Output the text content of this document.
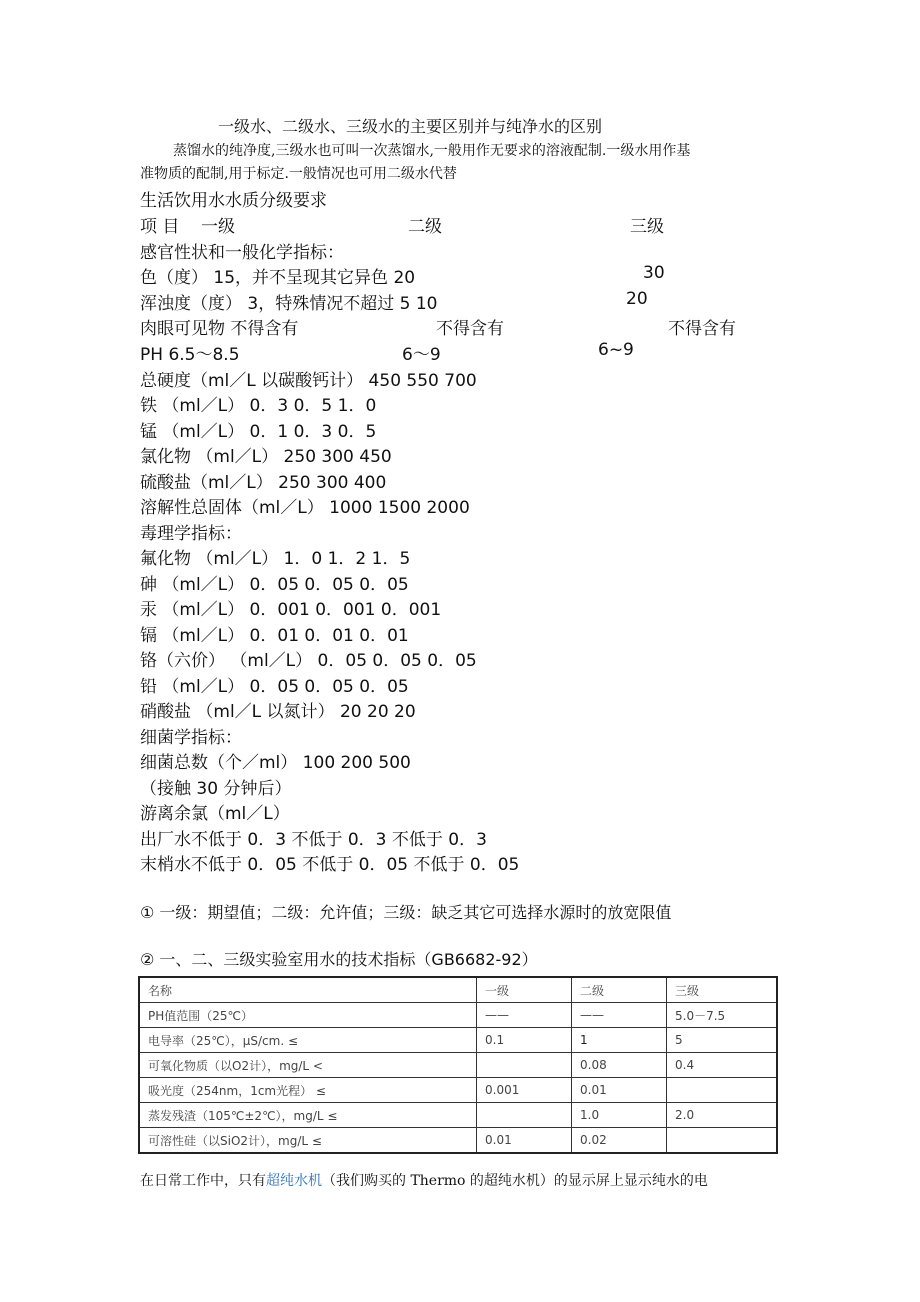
一级水、二级水、三级水的主要区别并与纯净水的区别
蒸馏水的纯净度,三级水也可叫一次蒸馏水,一般用作无要求的溶液配制.一级水用作基
准物质的配制,用于标定.一般情况也可用二级水代替
生活饮用水水质分级要求
项 目 一级	二级	三级
感官性状和一般化学指标：
色（度） 15，并不呈现其它异色 20	30
浑浊度（度） 3，特殊情况不超过 5 10	20
肉眼可见物 不得含有	不得含有	不得含有
PH 6.5～8.5	6～9	6~9
总硬度（ml／L 以碳酸钙计） 450 550 700
铁 （ml／L） 0．3 0．5 1．0
锰 （ml／L） 0．1 0．3 0．5
氯化物 （ml／L） 250 300 450
硫酸盐（ml／L） 250 300 400
溶解性总固体（ml／L） 1000 1500 2000
毒理学指标：
氟化物 （ml／L） 1．0 1．2 1．5
砷 （ml／L） 0．05 0．05 0．05
汞 （ml／L） 0．001 0．001 0．001
镉 （ml／L） 0．01 0．01 0．01
铬（六价） （ml／L） 0．05 0．05 0．05
铅 （ml／L） 0．05 0．05 0．05
硝酸盐 （ml／L 以氮计） 20 20 20
细菌学指标：
细菌总数（个／ml） 100 200 500
（接触 30 分钟后）
游离余氯（ml／L）
出厂水不低于 0．3 不低于 0．3 不低于 0．3
末梢水不低于 0．05 不低于 0．05 不低于 0．05
① 一级：期望值；二级：允许值；三级：缺乏其它可选择水源时的放宽限值
② 一、二、三级实验室用水的技术指标（GB6682-92）
名称	一级	二级	三级
PH值范围（25℃）	——	——	5.0－7.5
电导率（25℃），μS/cm. ≤	0.1	1	5
可氧化物质（以O2计），mg/L <		0.08	0.4
吸光度（254nm，1cm光程） ≤	0.001	0.01	
蒸发残渣（105℃±2℃），mg/L ≤		1.0	2.0
可溶性硅（以SiO2计），mg/L ≤	0.01	0.02	
在日常工作中，只有超纯水机（我们购买的 Thermo 的超纯水机）的显示屏上显示纯水的电
